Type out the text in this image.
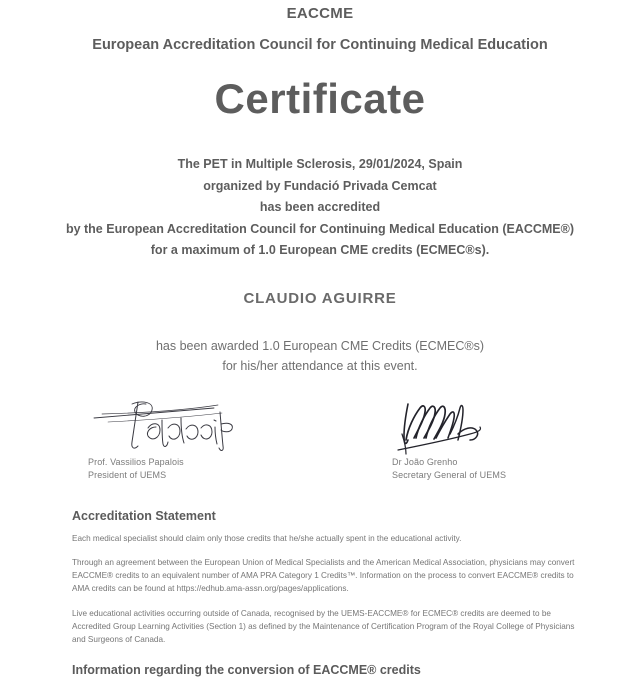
EACCME
European Accreditation Council for Continuing Medical Education
Certificate
The PET in Multiple Sclerosis, 29/01/2024, Spain
organized by Fundació Privada Cemcat
has been accredited
by the European Accreditation Council for Continuing Medical Education (EACCME®)
for a maximum of 1.0 European CME credits (ECMEC®s).
CLAUDIO AGUIRRE
has been awarded 1.0 European CME Credits (ECMEC®s)
for his/her attendance at this event.
Prof. Vassilios Papalois
President of UEMS
Dr João Grenho
Secretary General of UEMS
Accreditation Statement

Each medical specialist should claim only those credits that he/she actually spent in the educational activity.

Through an agreement between the European Union of Medical Specialists and the American Medical Association, physicians may convert EACCME® credits to an equivalent number of AMA PRA Category 1 Credits™. Information on the process to convert EACCME® credits to AMA credits can be found at https://edhub.ama-assn.org/pages/applications.

Live educational activities occurring outside of Canada, recognised by the UEMS-EACCME® for ECMEC® credits are deemed to be Accredited Group Learning Activities (Section 1) as defined by the Maintenance of Certification Program of the Royal College of Physicians and Surgeons of Canada.

Information regarding the conversion of EACCME® credits
